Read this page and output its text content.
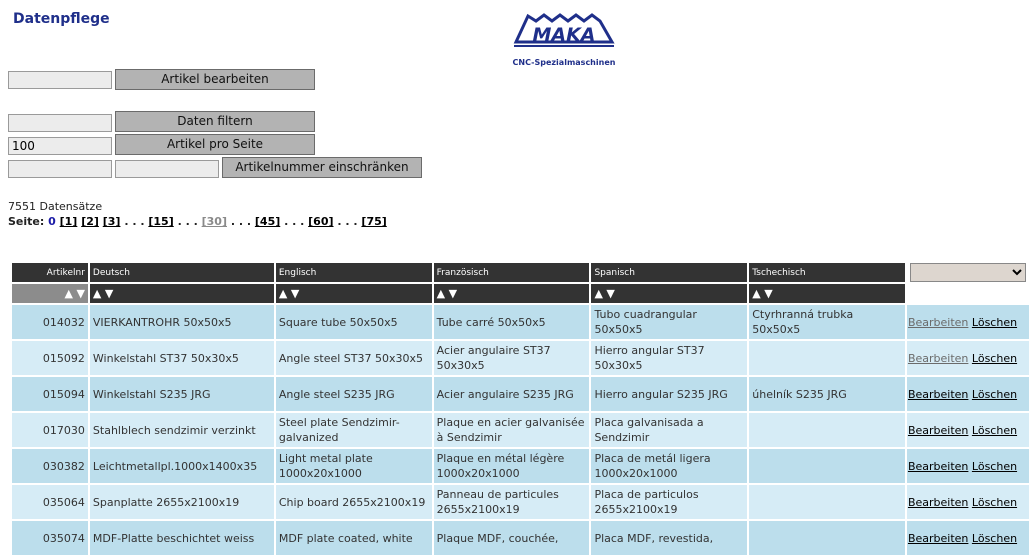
Datenpflege
MAKA
CNC-Spezialmaschinen
Artikel bearbeiten
Daten filtern
100
Artikel pro Seite
Artikelnummer einschränken
7551 Datensätze
Seite: 0 [1] [2] [3] . . . [15] . . . [30] . . . [45] . . . [60] . . . [75]
Artikelnr	Deutsch	Englisch	Französisch	Spanisch	Tschechisch	

▲ ▼	▲ ▼	▲ ▼	▲ ▼	▲ ▼	▲ ▼	
014032	VIERKANTROHR 50x50x5	Square tube 50x50x5	Tube carré 50x50x5	Tubo cuadrangular 50x50x5	Ctyrhranná trubka 50x50x5	Bearbeiten Löschen
015092	Winkelstahl ST37 50x30x5	Angle steel ST37 50x30x5	Acier angulaire ST37 50x30x5	Hierro angular ST37 50x30x5		Bearbeiten Löschen
015094	Winkelstahl S235 JRG	Angle steel S235 JRG	Acier angulaire S235 JRG	Hierro angular S235 JRG	úhelník S235 JRG	Bearbeiten Löschen
017030	Stahlblech sendzimir verzinkt	Steel plate Sendzimir-galvanized	Plaque en acier galvanisée à Sendzimir	Placa galvanisada a Sendzimir		Bearbeiten Löschen
030382	Leichtmetallpl.1000x1400x35	Light metal plate 1000x20x1000	Plaque en métal légère 1000x20x1000	Placa de metál ligera 1000x20x1000		Bearbeiten Löschen
035064	Spanplatte 2655x2100x19	Chip board 2655x2100x19	Panneau de particules 2655x2100x19	Placa de particulos 2655x2100x19		Bearbeiten Löschen
035074	MDF-Platte beschichtet weiss	MDF plate coated, white	Plaque MDF, couchée,	Placa MDF, revestida,		Bearbeiten Löschen
